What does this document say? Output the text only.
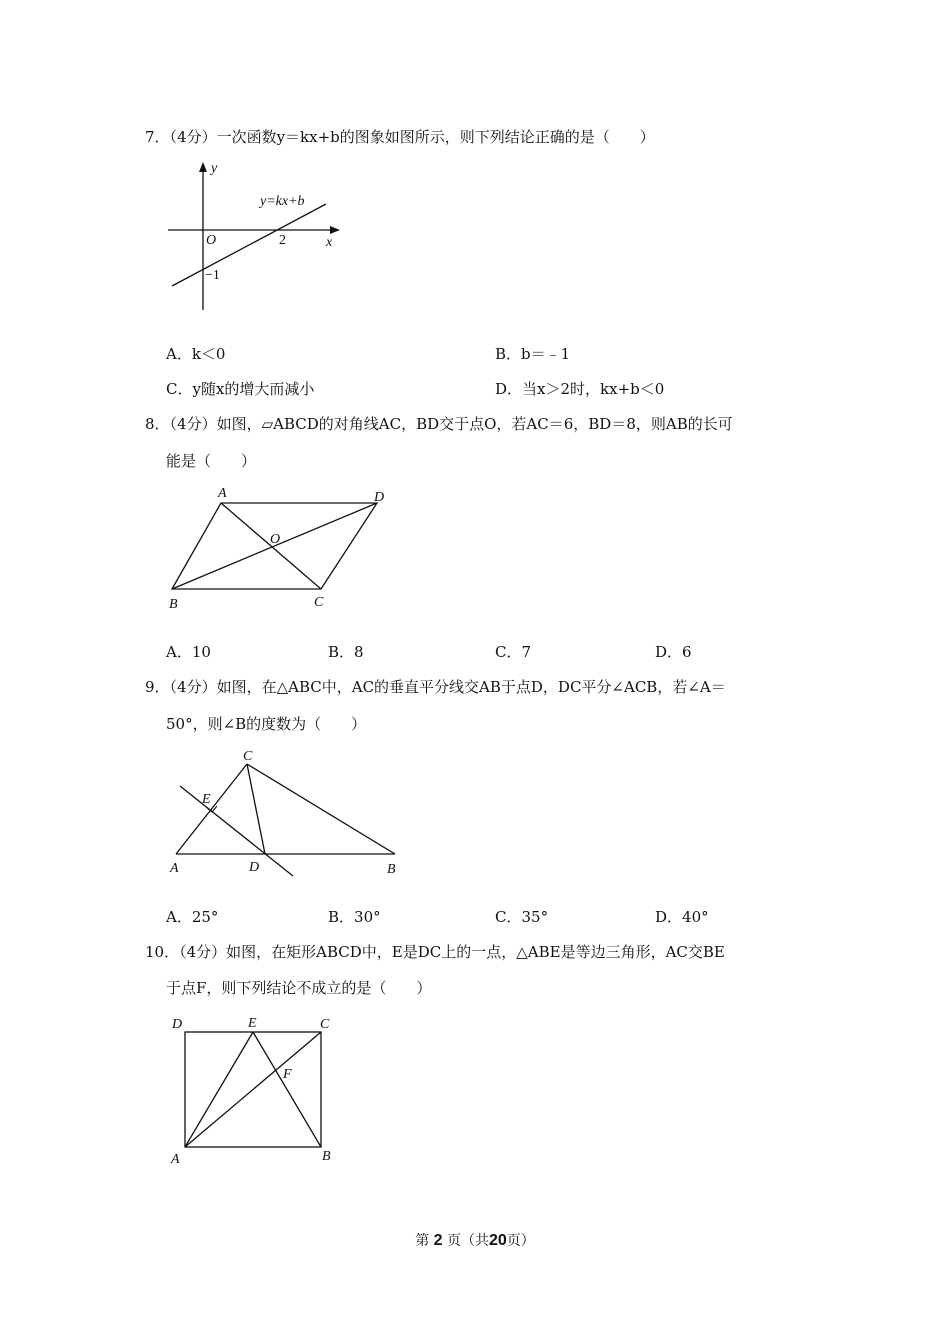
7．（4分）一次函数y＝kx+b的图象如图所示，则下列结论正确的是（　　）
y
y=kx+b
O	2	x
−1
A．k＜0	B．b＝﹣1
C．y随x的增大而减小	D．当x＞2时，kx+b＜0
8．（4分）如图，▱ABCD的对角线AC，BD交于点O，若AC＝6，BD＝8，则AB的长可
能是（　　）
A	D
O
B	C
A．10	B．8	C．7	D．6
9．（4分）如图，在△ABC中，AC的垂直平分线交AB于点D，DC平分∠ACB，若∠A＝
50°，则∠B的度数为（　　）
C
E
A	D	B
A．25°	B．30°	C．35°	D．40°
10．（4分）如图，在矩形ABCD中，E是DC上的一点，△ABE是等边三角形，AC交BE
于点F，则下列结论不成立的是（　　）
D	E	C
F
A	B
第 2 页（共20页）
